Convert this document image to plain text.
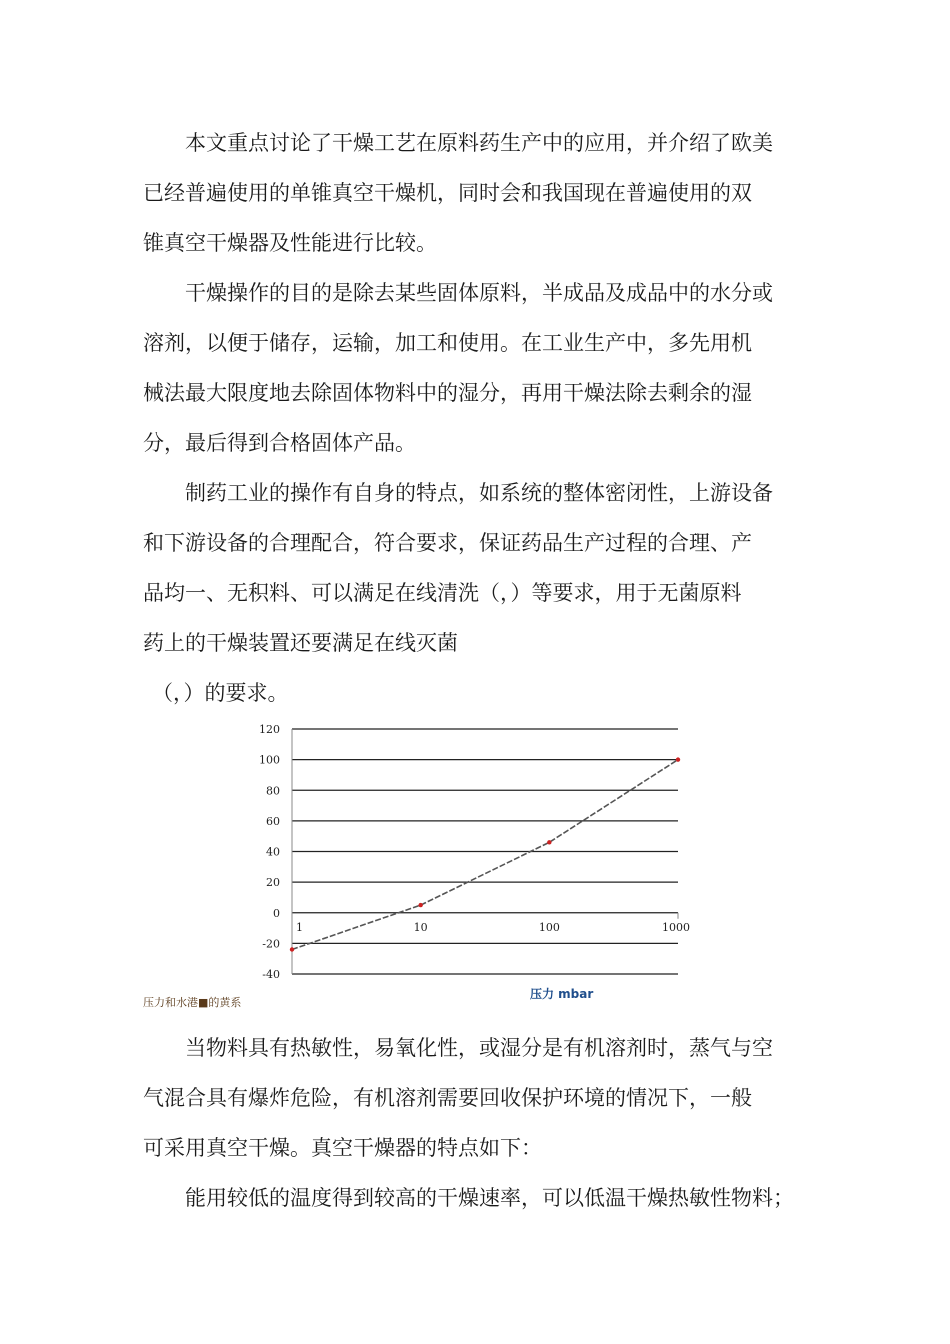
本文重点讨论了干燥工艺在原料药生产中的应用，并介绍了欧美
已经普遍使用的单锥真空干燥机，同时会和我国现在普遍使用的双
锥真空干燥器及性能进行比较。

干燥操作的目的是除去某些固体原料，半成品及成品中的水分或
溶剂，以便于储存，运输，加工和使用。在工业生产中，多先用机
械法最大限度地去除固体物料中的湿分，再用干燥法除去剩余的湿
分，最后得到合格固体产品。

制药工业的操作有自身的特点，如系统的整体密闭性，上游设备
和下游设备的合理配合，符合要求，保证药品生产过程的合理、产
品均一、无积料、可以满足在线清洗（，）等要求，用于无菌原料
药上的干燥装置还要满足在线灭菌

（，）的要求。

120
100
80
60
40
20
0
-20
-40
1	10	100	1000
压力 mbar
压力和水港■的黄系

当物料具有热敏性，易氧化性，或湿分是有机溶剂时，蒸气与空
气混合具有爆炸危险，有机溶剂需要回收保护环境的情况下，一般
可采用真空干燥。真空干燥器的特点如下：

能用较低的温度得到较高的干燥速率，可以低温干燥热敏性物料；
